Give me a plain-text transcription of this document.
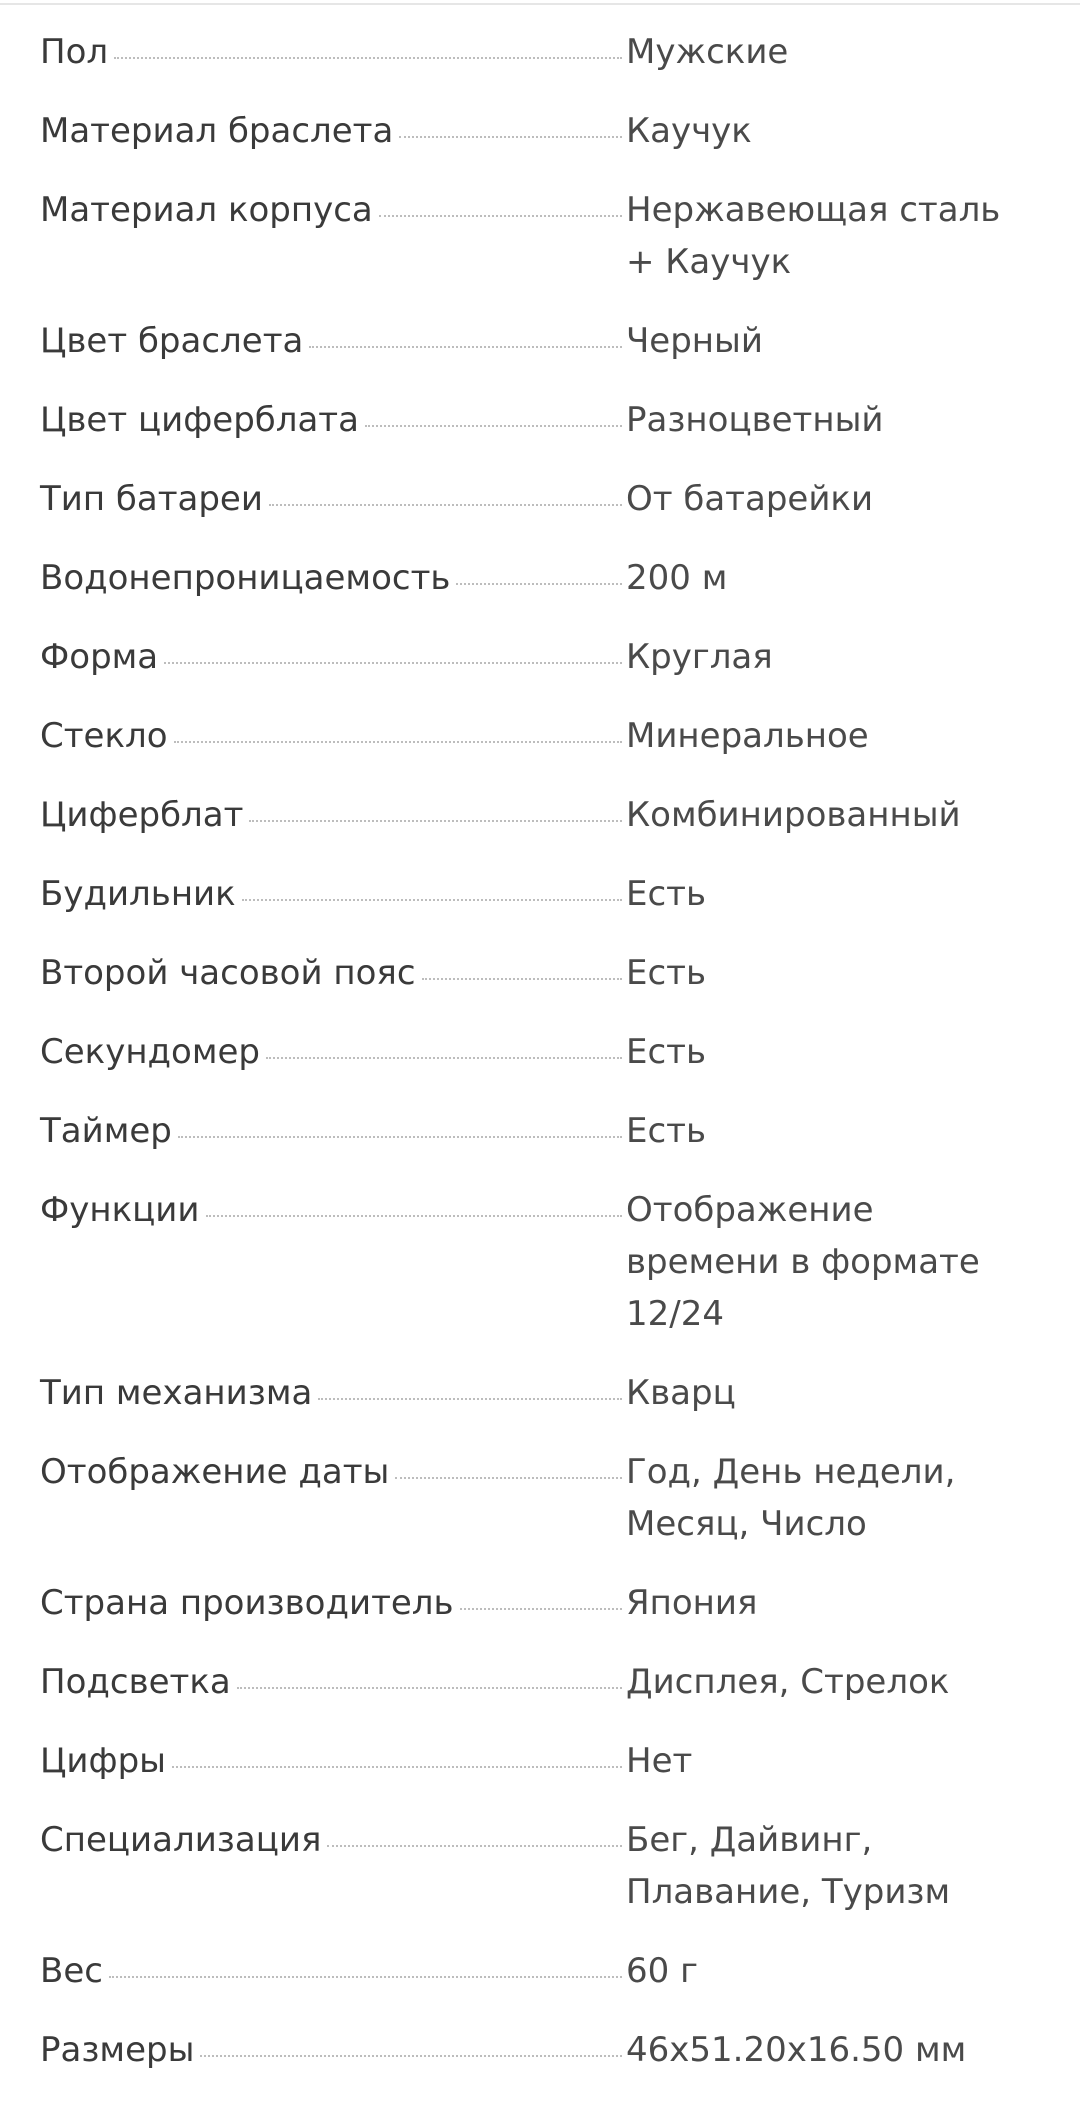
Пол	Мужские
Материал браслета	Каучук
Материал корпуса	Нержавеющая сталь + Каучук
Цвет браслета	Черный
Цвет циферблата	Разноцветный
Тип батареи	От батарейки
Водонепроницаемость	200 м
Форма	Круглая
Стекло	Минеральное
Циферблат	Комбинированный
Будильник	Есть
Второй часовой пояс	Есть
Секундомер	Есть
Таймер	Есть
Функции	Отображение времени в формате 12/24
Тип механизма	Кварц
Отображение даты	Год, День недели, Месяц, Число
Страна производитель	Япония
Подсветка	Дисплея, Стрелок
Цифры	Нет
Специализация	Бег, Дайвинг, Плавание, Туризм
Вес	60 г
Размеры	46x51.20x16.50 мм
